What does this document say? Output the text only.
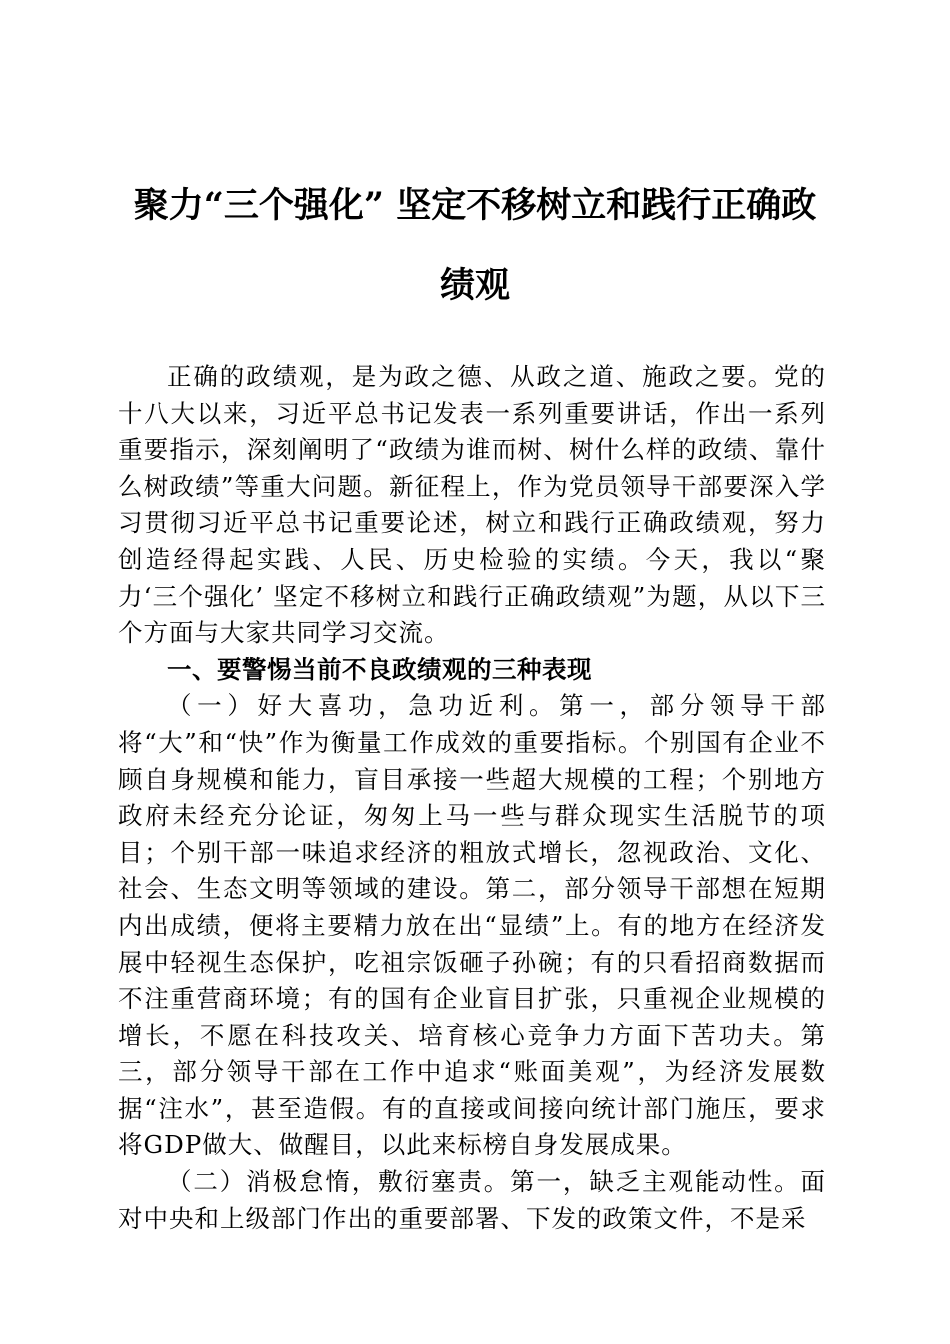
聚力“三个强化” 坚定不移树立和践行正确政绩观

正确的政绩观，是为政之德、从政之道、施政之要。党的十八大以来，习近平总书记发表一系列重要讲话，作出一系列重要指示，深刻阐明了“政绩为谁而树、树什么样的政绩、靠什么树政绩”等重大问题。新征程上，作为党员领导干部要深入学习贯彻习近平总书记重要论述，树立和践行正确政绩观，努力创造经得起实践、人民、历史检验的实绩。今天，我以“聚力‘三个强化’ 坚定不移树立和践行正确政绩观”为题，从以下三个方面与大家共同学习交流。

一、要警惕当前不良政绩观的三种表现

（一）好大喜功，急功近利。第一，部分领导干部将“大”和“快”作为衡量工作成效的重要指标。个别国有企业不顾自身规模和能力，盲目承接一些超大规模的工程；个别地方政府未经充分论证，匆匆上马一些与群众现实生活脱节的项目；个别干部一味追求经济的粗放式增长，忽视政治、文化、社会、生态文明等领域的建设。第二，部分领导干部想在短期内出成绩，便将主要精力放在出“显绩”上。有的地方在经济发展中轻视生态保护，吃祖宗饭砸子孙碗；有的只看招商数据而不注重营商环境；有的国有企业盲目扩张，只重视企业规模的增长，不愿在科技攻关、培育核心竞争力方面下苦功夫。第三，部分领导干部在工作中追求“账面美观”，为经济发展数据“注水”，甚至造假。有的直接或间接向统计部门施压，要求将GDP做大、做醒目，以此来标榜自身发展成果。

（二）消极怠惰，敷衍塞责。第一，缺乏主观能动性。面对中央和上级部门作出的重要部署、下发的政策文件，不是采
